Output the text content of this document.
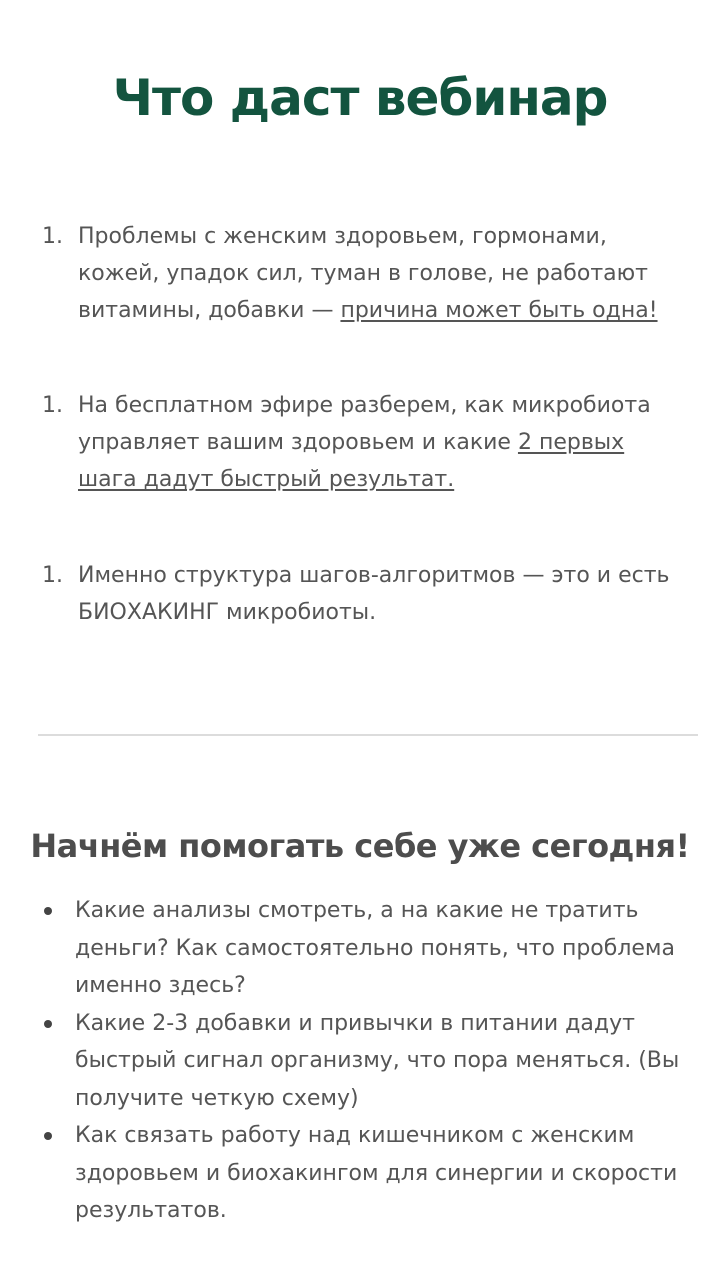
Что даст вебинар
1. Проблемы с женским здоровьем, гормонами, кожей, упадок сил, туман в голове, не работают витамины, добавки — причина может быть одна!
1. На бесплатном эфире разберем, как микробиота управляет вашим здоровьем и какие 2 первых шага дадут быстрый результат.
1. Именно структура шагов-алгоритмов — это и есть БИОХАКИНГ микробиоты.
Начнём помогать себе уже сегодня!
Какие анализы смотреть, а на какие не тратить деньги? Как самостоятельно понять, что проблема именно здесь?
Какие 2-3 добавки и привычки в питании дадут быстрый сигнал организму, что пора меняться. (Вы получите четкую схему)
Как связать работу над кишечником с женским здоровьем и биохакингом для синергии и скорости результатов.
